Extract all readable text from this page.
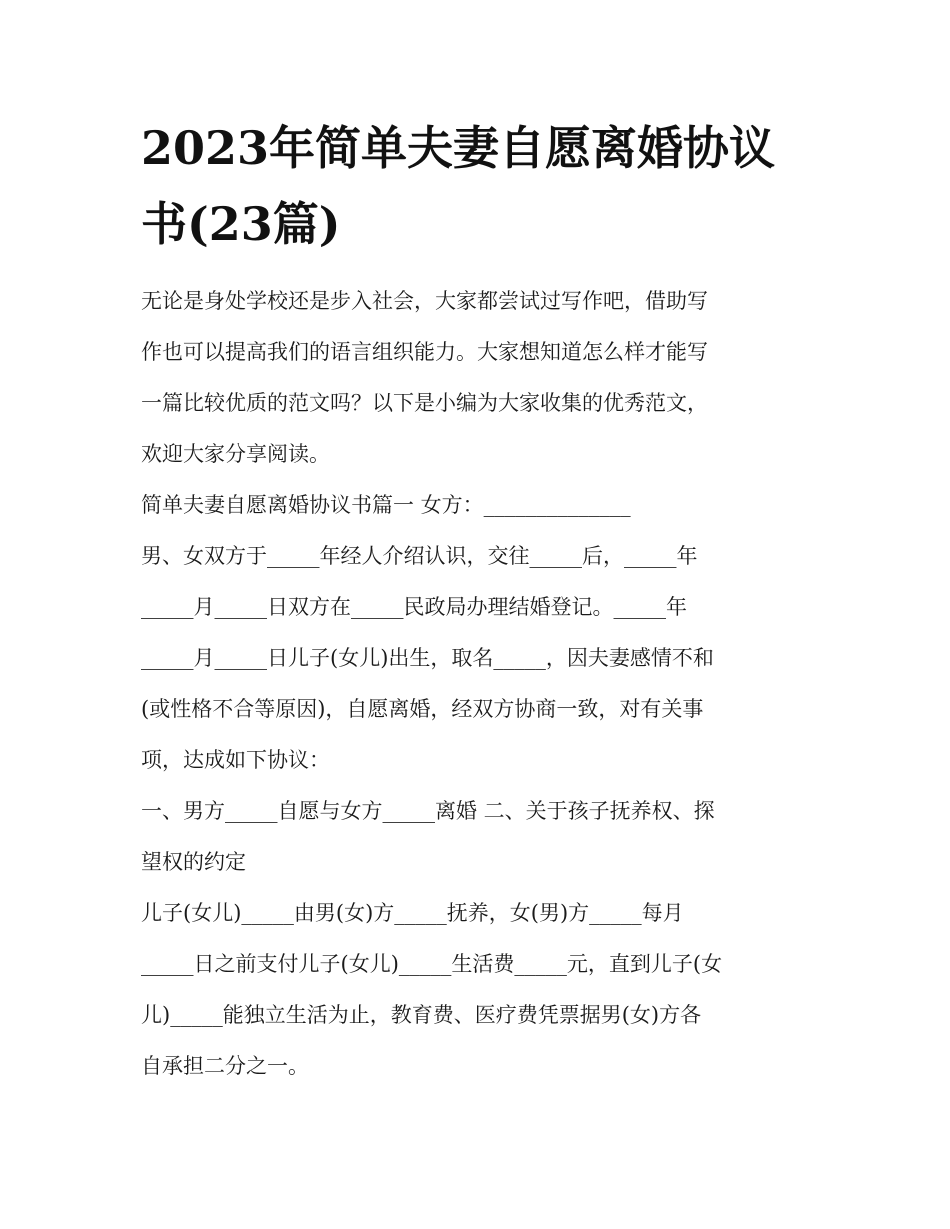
2023年简单夫妻自愿离婚协议
书(23篇)
无论是身处学校还是步入社会，大家都尝试过写作吧，借助写
作也可以提高我们的语言组织能力。大家想知道怎么样才能写
一篇比较优质的范文吗？以下是小编为大家收集的优秀范文，
欢迎大家分享阅读。
简单夫妻自愿离婚协议书篇一 女方：______________
男、女双方于_____年经人介绍认识，交往_____后，_____年
_____月_____日双方在_____民政局办理结婚登记。_____年
_____月_____日儿子(女儿)出生，取名_____，因夫妻感情不和
(或性格不合等原因)，自愿离婚，经双方协商一致，对有关事
项，达成如下协议：
一、男方_____自愿与女方_____离婚 二、关于孩子抚养权、探
望权的约定
儿子(女儿)_____由男(女)方_____抚养，女(男)方_____每月
_____日之前支付儿子(女儿)_____生活费_____元，直到儿子(女
儿)_____能独立生活为止，教育费、医疗费凭票据男(女)方各
自承担二分之一。
